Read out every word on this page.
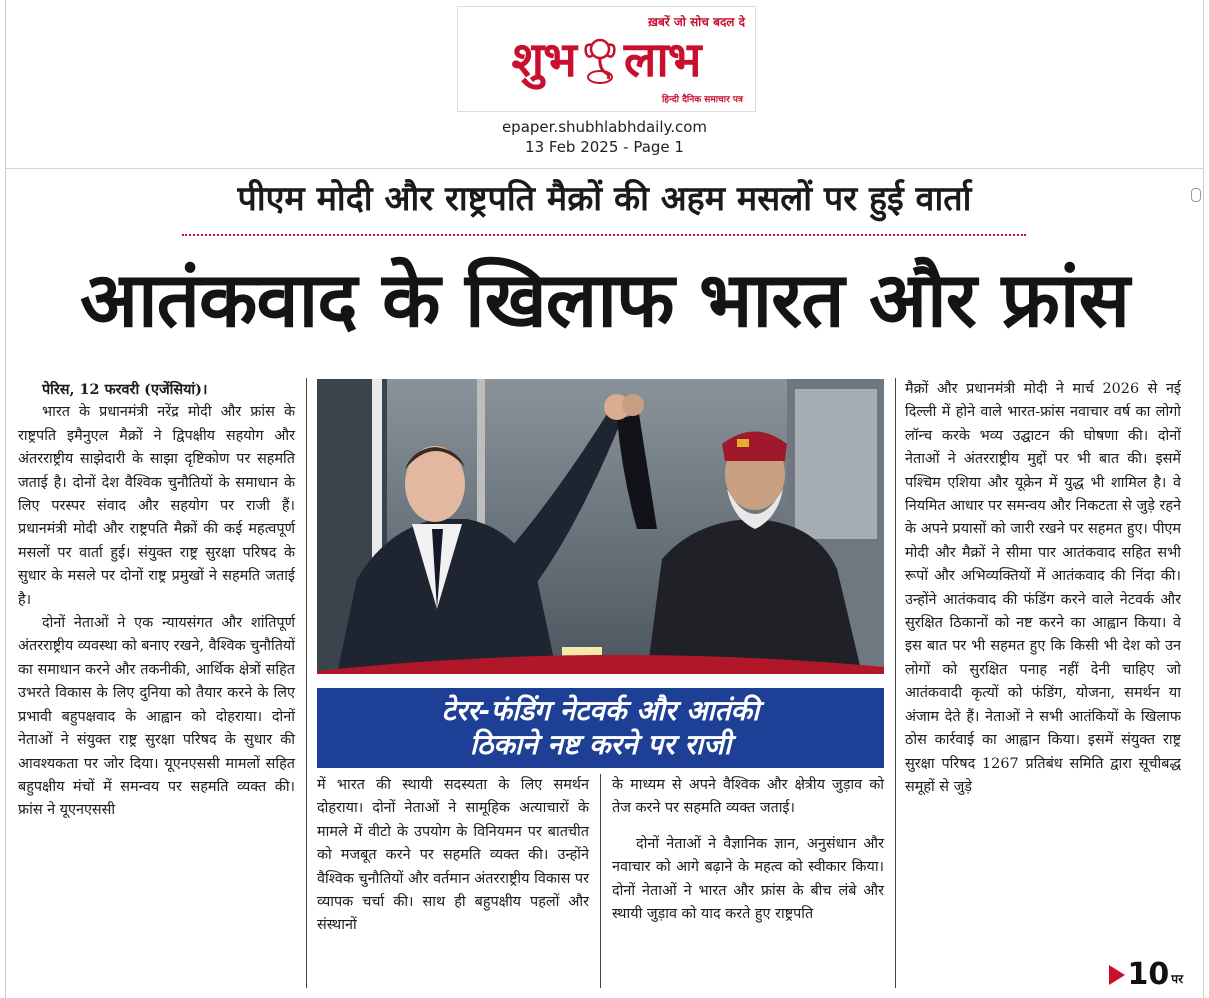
ख़बरें जो सोच बदल दे
शुभ लाभ
हिन्दी दैनिक समाचार पत्र
epaper.shubhlabhdaily.com
13 Feb 2025 - Page 1
पीएम मोदी और राष्ट्रपति मैक्रों की अहम मसलों पर हुई वार्ता
आतंकवाद के खिलाफ भारत और फ्रांस
पेरिस, 12 फरवरी (एजेंसियां)।

भारत के प्रधानमंत्री नरेंद्र मोदी और फ्रांस के राष्ट्रपति इमैनुएल मैक्रों ने द्विपक्षीय सहयोग और अंतरराष्ट्रीय साझेदारी के साझा दृष्टिकोण पर सहमति जताई है। दोनों देश वैश्विक चुनौतियों के समाधान के लिए परस्पर संवाद और सहयोग पर राजी हैं। प्रधानमंत्री मोदी और राष्ट्रपति मैक्रों की कई महत्वपूर्ण मसलों पर वार्ता हुई। संयुक्त राष्ट्र सुरक्षा परिषद के सुधार के मसले पर दोनों राष्ट्र प्रमुखों ने सहमति जताई है।

दोनों नेताओं ने एक न्यायसंगत और शांतिपूर्ण अंतरराष्ट्रीय व्यवस्था को बनाए रखने, वैश्विक चुनौतियों का समाधान करने और तकनीकी, आर्थिक क्षेत्रों सहित उभरते विकास के लिए दुनिया को तैयार करने के लिए प्रभावी बहुपक्षवाद के आह्वान को दोहराया। दोनों नेताओं ने संयुक्त राष्ट्र सुरक्षा परिषद के सुधार की आवश्यकता पर जोर दिया। यूएनएससी मामलों सहित बहुपक्षीय मंचों में समन्वय पर सहमति व्यक्त की। फ्रांस ने यूएनएससी

टेरर-फंडिंग नेटवर्क और आतंकी
ठिकाने नष्ट करने पर राजी

में भारत की स्थायी सदस्यता के लिए समर्थन दोहराया। दोनों नेताओं ने सामूहिक अत्याचारों के मामले में वीटो के उपयोग के विनियमन पर बातचीत को मजबूत करने पर सहमति व्यक्त की। उन्होंने वैश्विक चुनौतियों और वर्तमान अंतरराष्ट्रीय विकास पर व्यापक चर्चा की। साथ ही बहुपक्षीय पहलों और संस्थानों

के माध्यम से अपने वैश्विक और क्षेत्रीय जुड़ाव को तेज करने पर सहमति व्यक्त जताई।

दोनों नेताओं ने वैज्ञानिक ज्ञान, अनुसंधान और नवाचार को आगे बढ़ाने के महत्व को स्वीकार किया। दोनों नेताओं ने भारत और फ्रांस के बीच लंबे और स्थायी जुड़ाव को याद करते हुए राष्ट्रपति

मैक्रों और प्रधानमंत्री मोदी ने मार्च 2026 से नई दिल्ली में होने वाले भारत-फ्रांस नवाचार वर्ष का लोगो लॉन्च करके भव्य उद्घाटन की घोषणा की। दोनों नेताओं ने अंतरराष्ट्रीय मुद्दों पर भी बात की। इसमें पश्चिम एशिया और यूक्रेन में युद्ध भी शामिल है। वे नियमित आधार पर समन्वय और निकटता से जुड़े रहने के अपने प्रयासों को जारी रखने पर सहमत हुए। पीएम मोदी और मैक्रों ने सीमा पार आतंकवाद सहित सभी रूपों और अभिव्यक्तियों में आतंकवाद की निंदा की। उन्होंने आतंकवाद की फंडिंग करने वाले नेटवर्क और सुरक्षित ठिकानों को नष्ट करने का आह्वान किया। वे इस बात पर भी सहमत हुए कि किसी भी देश को उन लोगों को सुरक्षित पनाह नहीं देनी चाहिए जो आतंकवादी कृत्यों को फंडिंग, योजना, समर्थन या अंजाम देते हैं। नेताओं ने सभी आतंकियों के खिलाफ ठोस कार्रवाई का आह्वान किया। इसमें संयुक्त राष्ट्र सुरक्षा परिषद 1267 प्रतिबंध समिति द्वारा सूचीबद्ध समूहों से जुड़े

10 पर
